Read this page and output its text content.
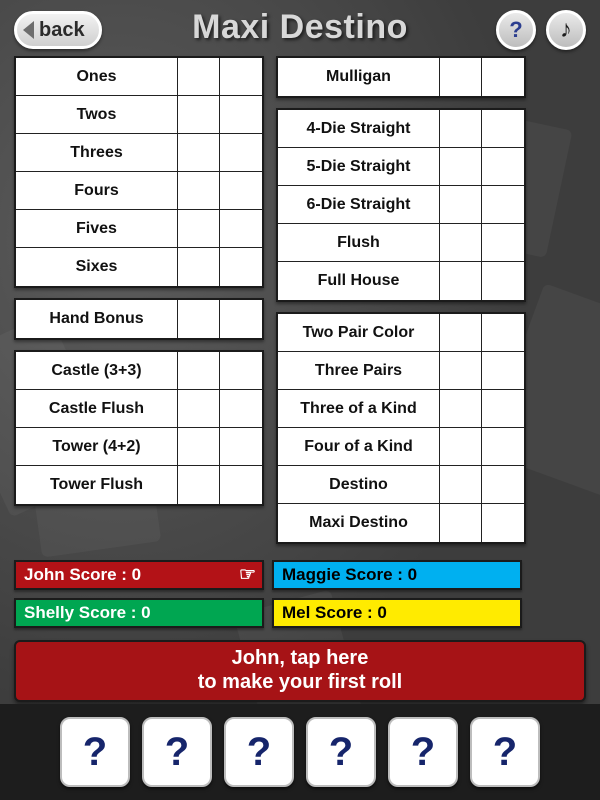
back	Maxi Destino	? ♪
Ones
Twos
Threes
Fours
Fives
Sixes
Hand Bonus
Castle (3+3)
Castle Flush
Tower (4+2)
Tower Flush
Mulligan
4-Die Straight
5-Die Straight
6-Die Straight
Flush
Full House
Two Pair Color
Three Pairs
Three of a Kind
Four of a Kind
Destino
Maxi Destino
John Score : 0	☞ Maggie Score : 0
Shelly Score : 0	Mel Score : 0
John, tap here
to make your first roll
? ? ? ? ? ?
